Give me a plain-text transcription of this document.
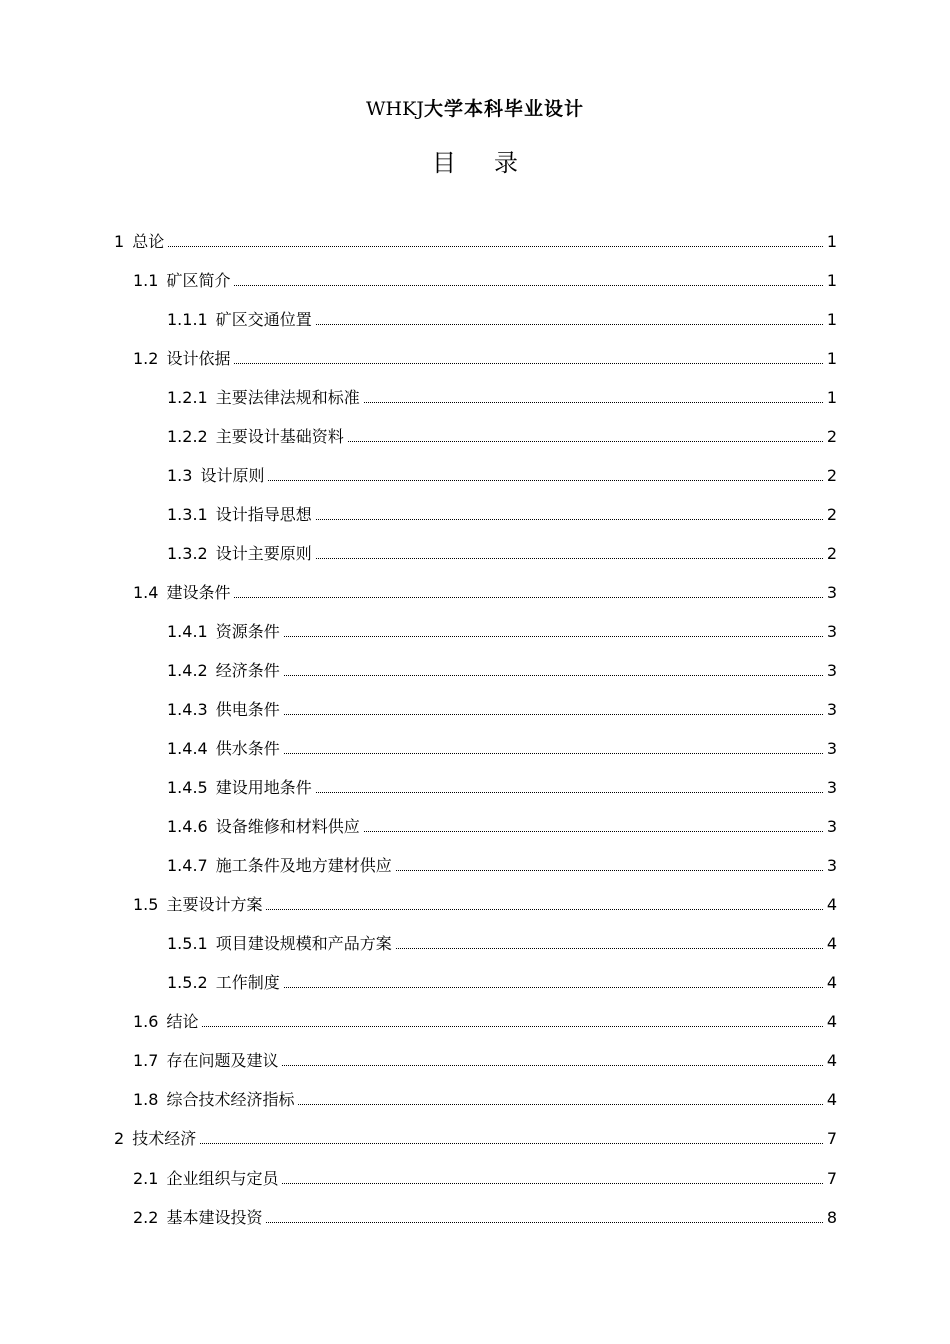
WHKJ大学本科毕业设计
目录
1 总论	1
1.1 矿区简介	1
1.1.1 矿区交通位置	1
1.2 设计依据	1
1.2.1 主要法律法规和标准	1
1.2.2 主要设计基础资料	2
1.3 设计原则	2
1.3.1 设计指导思想	2
1.3.2 设计主要原则	2
1.4 建设条件	3
1.4.1 资源条件	3
1.4.2 经济条件	3
1.4.3 供电条件	3
1.4.4 供水条件	3
1.4.5 建设用地条件	3
1.4.6 设备维修和材料供应	3
1.4.7 施工条件及地方建材供应	3
1.5 主要设计方案	4
1.5.1 项目建设规模和产品方案	4
1.5.2 工作制度	4
1.6 结论	4
1.7 存在问题及建议	4
1.8 综合技术经济指标	4
2 技术经济	7
2.1 企业组织与定员	7
2.2 基本建设投资	8
